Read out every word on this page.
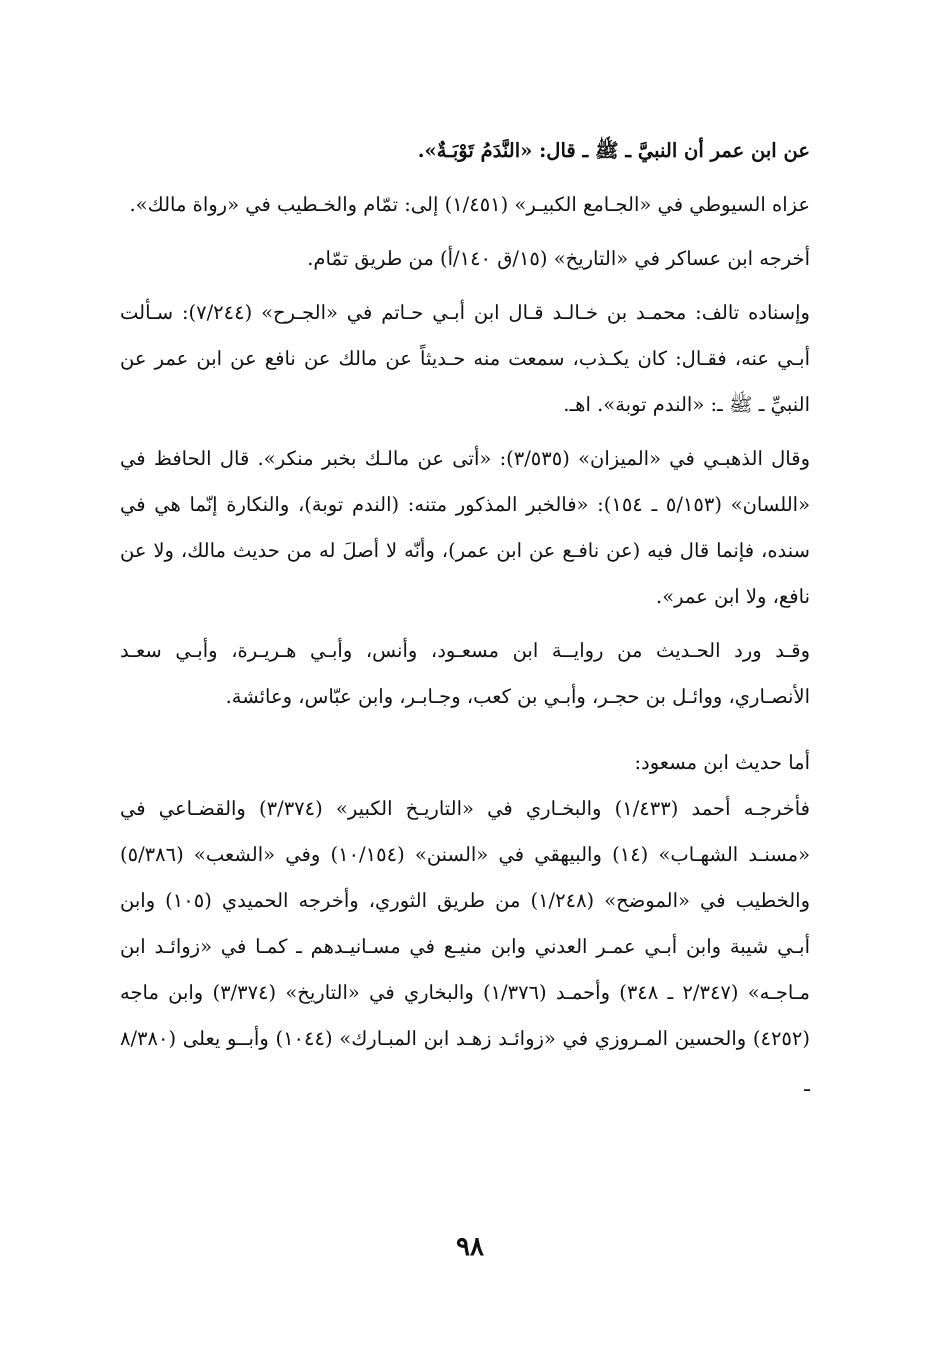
عن ابن عمر أن النبيَّ ـ ﷺ ـ قال: «النَّدَمُ تَوْبَـةٌ».

عزاه السيوطي في «الجـامع الكبيـر» (١/٤٥١) إلى: تمّام والخـطيب في «رواة مالك».

أخرجه ابن عساكر في «التاريخ» (١٥/ق ١٤٠/أ) من طريق تمّام.

وإسناده تالف: محمـد بن خـالـد قـال ابن أبـي حـاتم في «الجـرح» (٧/٢٤٤): سـألت أبـي عنه، فقـال: كان يكـذب، سمعت منه حـديثاً عن مالك عن نافع عن ابن عمر عن النبيِّ ـ ﷺ ـ: «الندم توبة». اهـ.

وقال الذهبـي في «الميزان» (٣/٥٣٥): «أتى عن مالـك بخبر منكر». قال الحافظ في «اللسان» (٥/١٥٣ ـ ١٥٤): «فالخبر المذكور متنه: (الندم توبة)، والنكارة إنّما هي في سنده، فإنما قال فيه (عن نافـع عن ابن عمر)، وأنّه لا أصلَ له من حديث مالك، ولا عن نافع، ولا ابن عمر».

وقـد ورد الحـديث من روايــة ابن مسعـود، وأنس، وأبـي هـريـرة، وأبـي سعـد الأنصـاري، ووائـل بن حجـر، وأبـي بن كعب، وجـابـر، وابن عبّاس، وعائشة.

أما حديث ابن مسعود:

فأخرجـه أحمد (١/٤٣٣) والبخـاري في «التاريـخ الكبير» (٣/٣٧٤) والقضـاعي في «مسنـد الشهـاب» (١٤) والبيهقي في «السنن» (١٠/١٥٤) وفي «الشعب» (٥/٣٨٦) والخطيب في «الموضح» (١/٢٤٨) من طريق الثوري، وأخرجه الحميدي (١٠٥) وابن أبـي شيبة وابن أبـي عمـر العدني وابن منيـع في مسـانيـدهم ـ كمـا في «زوائـد ابن مـاجـه» (٢/٣٤٧ ـ ٣٤٨) وأحمـد (١/٣٧٦) والبخاري في «التاريخ» (٣/٣٧٤) وابن ماجه (٤٢٥٢) والحسين المـروزي في «زوائـد زهـد ابن المبـارك» (١٠٤٤) وأبــو يعلى (٨/٣٨٠ ـ

٩٨
